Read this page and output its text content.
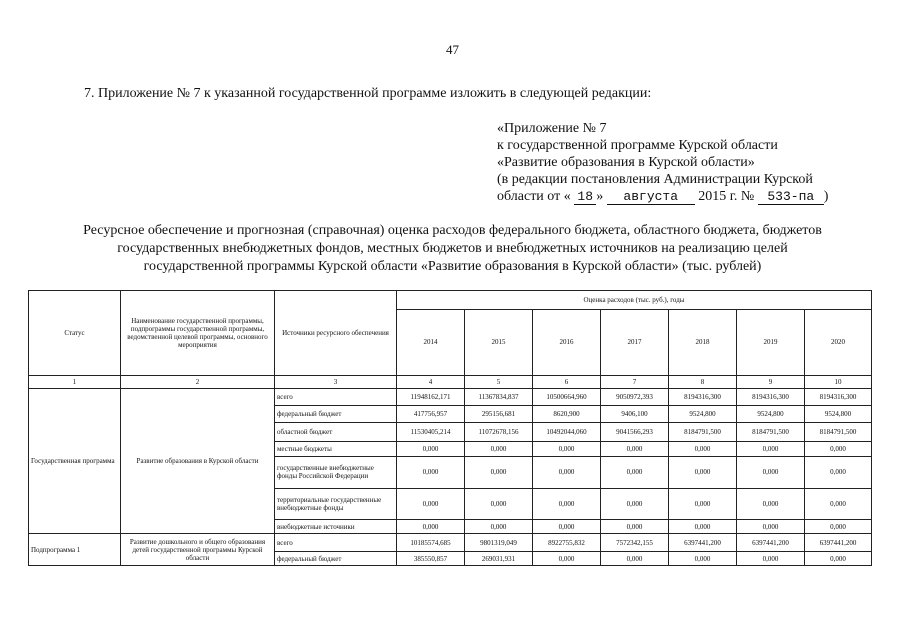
47
7. Приложение № 7 к указанной государственной программе изложить в следующей редакции:
«Приложение № 7
к государственной программе Курской области
«Развитие образования в Курской области»
(в редакции постановления Администрации Курской
области от « 18 » августа 2015 г. № 533-па )
Ресурсное обеспечение и прогнозная (справочная) оценка расходов федерального бюджета, областного бюджета, бюджетов
государственных внебюджетных фондов, местных бюджетов и внебюджетных источников на реализацию целей
государственной программы Курской области «Развитие образования в Курской области» (тыс. рублей)
Статус	Наименование государственной программы, подпрограммы государственной программы, ведомственной целевой программы, основного мероприятия	Источники ресурсного обеспечения	Оценка расходов (тыс. руб.), годы						
			2014	2015	2016	2017	2018	2019	2020
1	2	3	4	5	6	7	8	9	10
Государственная программа	Развитие образования в Курской области	всего	11948162,171	11367834,837	10500664,960	9050972,393	8194316,300	8194316,300	8194316,300
		федеральный бюджет	417756,957	295156,681	8620,900	9406,100	9524,800	9524,800	9524,800
		областной бюджет	11530405,214	11072678,156	10492044,060	9041566,293	8184791,500	8184791,500	8184791,500
		местные бюджеты	0,000	0,000	0,000	0,000	0,000	0,000	0,000
		государственные внебюджетные фонды Российской Федерации	0,000	0,000	0,000	0,000	0,000	0,000	0,000
		территориальные государственные внебюджетные фонды	0,000	0,000	0,000	0,000	0,000	0,000	0,000
		внебюджетные источники	0,000	0,000	0,000	0,000	0,000	0,000	0,000
Подпрограмма 1	Развитие дошкольного и общего образования детей государственной программы Курской области	всего	10185574,685	9801319,049	8922755,832	7572342,155	6397441,200	6397441,200	6397441,200
		федеральный бюджет	385550,857	269031,931	0,000	0,000	0,000	0,000	0,000
